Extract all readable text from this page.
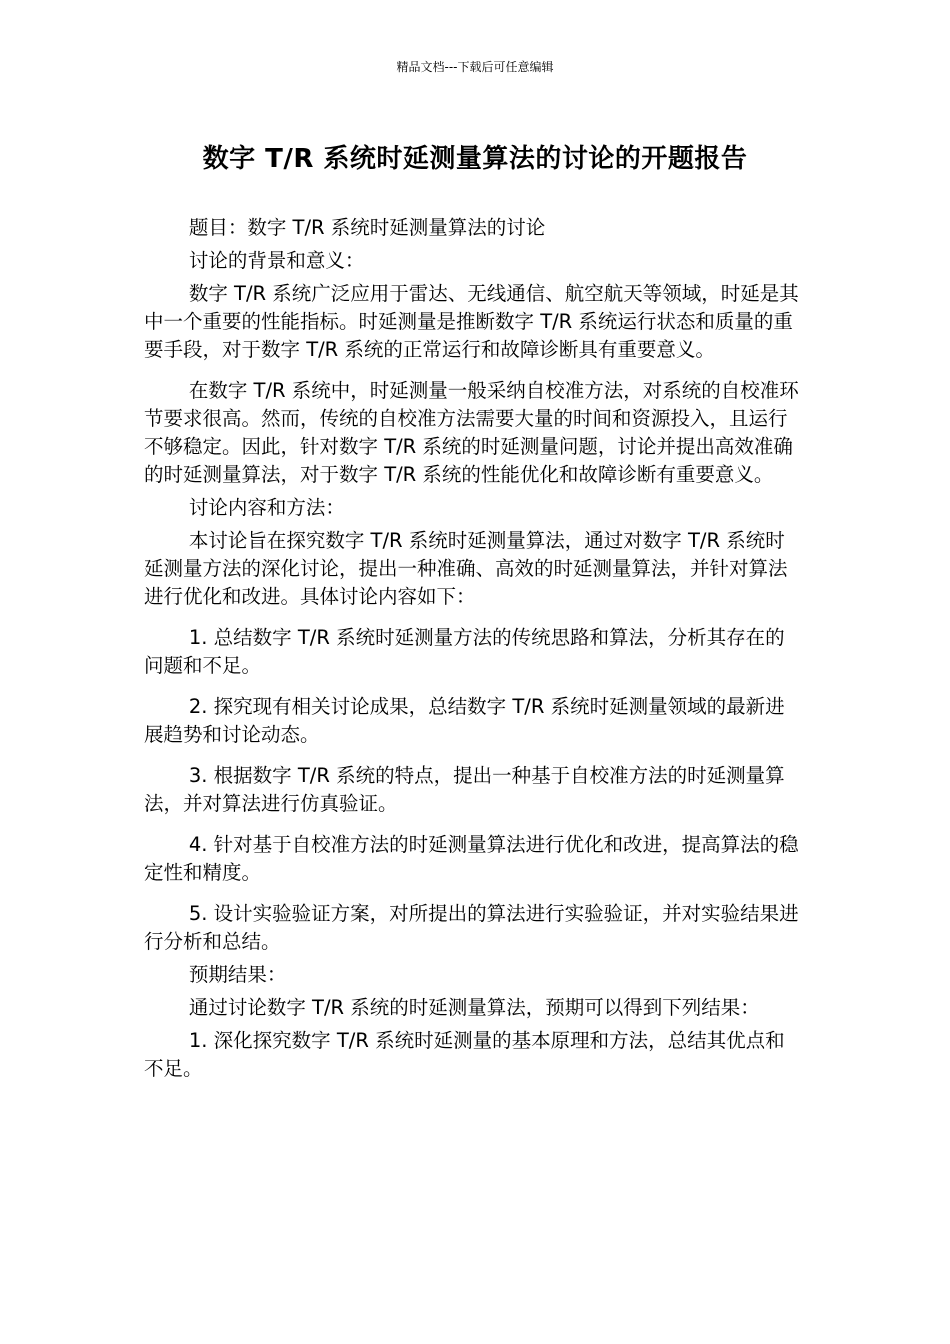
精品文档---下载后可任意编辑
数字 T/R 系统时延测量算法的讨论的开题报告

题目：数字 T/R 系统时延测量算法的讨论

讨论的背景和意义：

数字 T/R 系统广泛应用于雷达、无线通信、航空航天等领域，时延是其中一个重要的性能指标。时延测量是推断数字 T/R 系统运行状态和质量的重要手段，对于数字 T/R 系统的正常运行和故障诊断具有重要意义。

在数字 T/R 系统中，时延测量一般采纳自校准方法，对系统的自校准环节要求很高。然而，传统的自校准方法需要大量的时间和资源投入，且运行不够稳定。因此，针对数字 T/R 系统的时延测量问题，讨论并提出高效准确的时延测量算法，对于数字 T/R 系统的性能优化和故障诊断有重要意义。

讨论内容和方法：

本讨论旨在探究数字 T/R 系统时延测量算法，通过对数字 T/R 系统时延测量方法的深化讨论，提出一种准确、高效的时延测量算法，并针对算法进行优化和改进。具体讨论内容如下：

1. 总结数字 T/R 系统时延测量方法的传统思路和算法，分析其存在的问题和不足。

2. 探究现有相关讨论成果，总结数字 T/R 系统时延测量领域的最新进展趋势和讨论动态。

3. 根据数字 T/R 系统的特点，提出一种基于自校准方法的时延测量算法，并对算法进行仿真验证。

4. 针对基于自校准方法的时延测量算法进行优化和改进，提高算法的稳定性和精度。

5. 设计实验验证方案，对所提出的算法进行实验验证，并对实验结果进行分析和总结。

预期结果：

通过讨论数字 T/R 系统的时延测量算法，预期可以得到下列结果：

1. 深化探究数字 T/R 系统时延测量的基本原理和方法，总结其优点和不足。
